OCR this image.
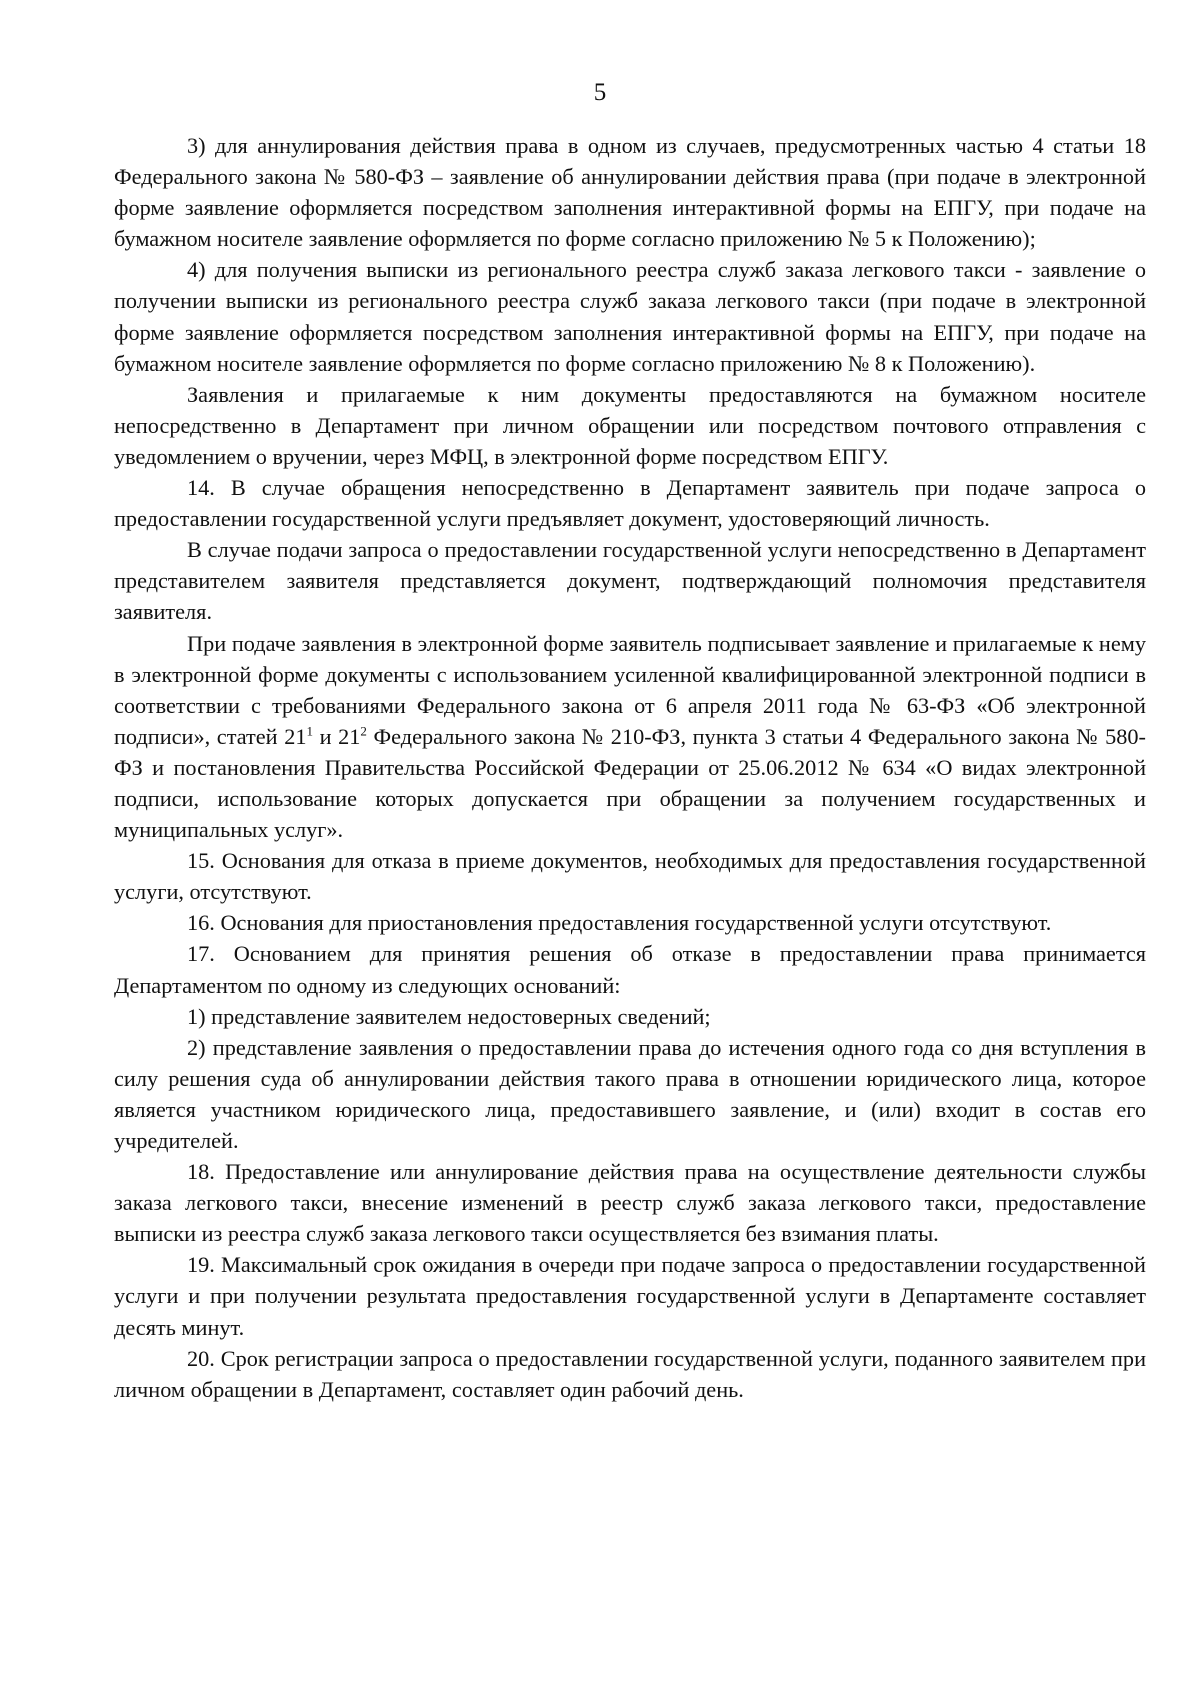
5

3) для аннулирования действия права в одном из случаев, предусмотренных частью 4 статьи 18 Федерального закона № 580-ФЗ – заявление об аннулировании действия права (при подаче в электронной форме заявление оформляется посредством заполнения интерактивной формы на ЕПГУ, при подаче на бумажном носителе заявление оформляется по форме согласно приложению № 5 к Положению);

4) для получения выписки из регионального реестра служб заказа легкового такси - заявление о получении выписки из регионального реестра служб заказа легкового такси (при подаче в электронной форме заявление оформляется посредством заполнения интерактивной формы на ЕПГУ, при подаче на бумажном носителе заявление оформляется по форме согласно приложению № 8 к Положению).

Заявления и прилагаемые к ним документы предоставляются на бумажном носителе непосредственно в Департамент при личном обращении или посредством почтового отправления с уведомлением о вручении, через МФЦ, в электронной форме посредством ЕПГУ.

14. В случае обращения непосредственно в Департамент заявитель при подаче запроса о предоставлении государственной услуги предъявляет документ, удостоверяющий личность.

В случае подачи запроса о предоставлении государственной услуги непосредственно в Департамент представителем заявителя представляется документ, подтверждающий полномочия представителя заявителя.

При подаче заявления в электронной форме заявитель подписывает заявление и прилагаемые к нему в электронной форме документы с использованием усиленной квалифицированной электронной подписи в соответствии с требованиями Федерального закона от 6 апреля 2011 года № 63-ФЗ «Об электронной подписи», статей $21^1$ и $21^2$ Федерального закона № 210-ФЗ, пункта 3 статьи 4 Федерального закона № 580-ФЗ и постановления Правительства Российской Федерации от 25.06.2012 № 634 «О видах электронной подписи, использование которых допускается при обращении за получением государственных и муниципальных услуг».

15. Основания для отказа в приеме документов, необходимых для предоставления государственной услуги, отсутствуют.

16. Основания для приостановления предоставления государственной услуги отсутствуют.

17. Основанием для принятия решения об отказе в предоставлении права принимается Департаментом по одному из следующих оснований:

1) представление заявителем недостоверных сведений;

2) представление заявления о предоставлении права до истечения одного года со дня вступления в силу решения суда об аннулировании действия такого права в отношении юридического лица, которое является участником юридического лица, предоставившего заявление, и (или) входит в состав его учредителей.

18. Предоставление или аннулирование действия права на осуществление деятельности службы заказа легкового такси, внесение изменений в реестр служб заказа легкового такси, предоставление выписки из реестра служб заказа легкового такси осуществляется без взимания платы.

19. Максимальный срок ожидания в очереди при подаче запроса о предоставлении государственной услуги и при получении результата предоставления государственной услуги в Департаменте составляет десять минут.

20. Срок регистрации запроса о предоставлении государственной услуги, поданного заявителем при личном обращении в Департамент, составляет один рабочий день.
